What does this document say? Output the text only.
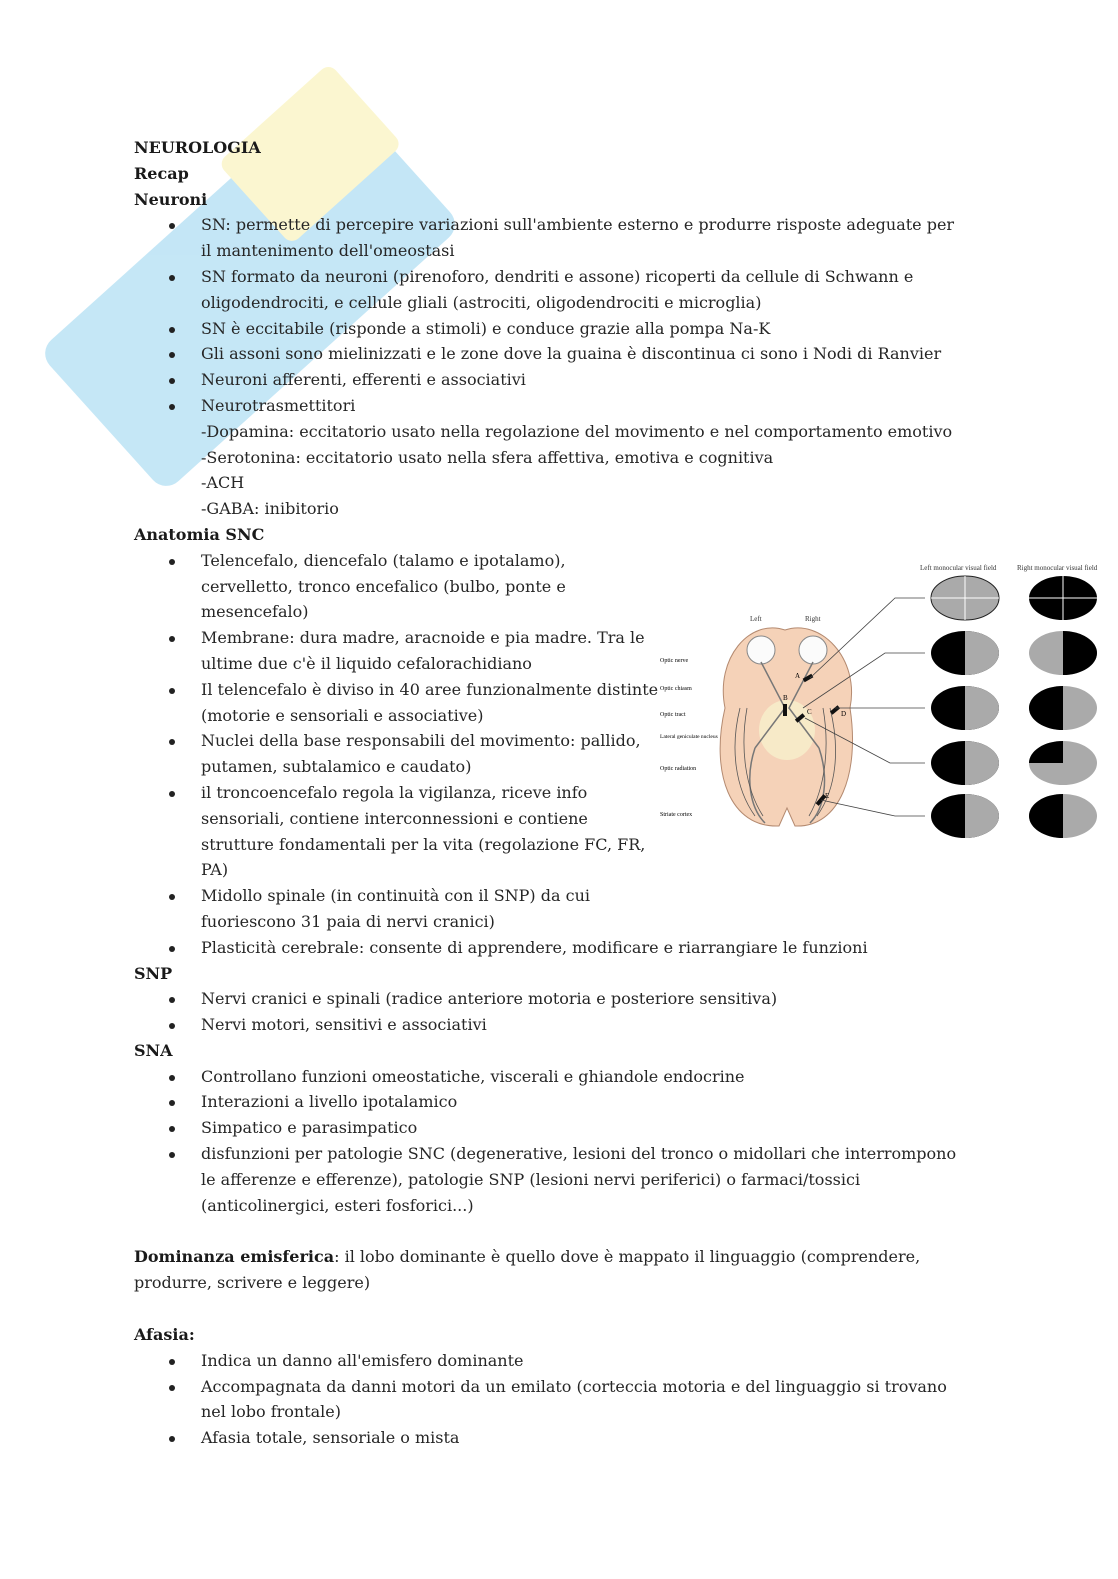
NEUROLOGIA
Recap
Neuroni
SN: permette di percepire variazioni sull'ambiente esterno e produrre risposte adeguate per il mantenimento dell'omeostasi
SN formato da neuroni (pirenoforo, dendriti e assone) ricoperti da cellule di Schwann e oligodendrociti, e cellule gliali (astrociti, oligodendrociti e microglia)
SN è eccitabile (risponde a stimoli) e conduce grazie alla pompa Na-K
Gli assoni sono mielinizzati e le zone dove la guaina è discontinua ci sono i Nodi di Ranvier
Neuroni afferenti, efferenti e associativi
Neurotrasmettitori
-Dopamina: eccitatorio usato nella regolazione del movimento e nel comportamento emotivo
-Serotonina: eccitatorio usato nella sfera affettiva, emotiva e cognitiva
-ACH
-GABA: inibitorio
Anatomia SNC
Telencefalo, diencefalo (talamo e ipotalamo), cervelletto, tronco encefalico (bulbo, ponte e mesencefalo)
Membrane: dura madre, aracnoide e pia madre. Tra le ultime due c'è il liquido cefalorachidiano
Il telencefalo è diviso in 40 aree funzionalmente distinte (motorie e sensoriali e associative)
Nuclei della base responsabili del movimento: pallido, putamen, subtalamico e caudato)
il troncoencefalo regola la vigilanza, riceve info sensoriali, contiene interconnessioni e contiene strutture fondamentali per la vita (regolazione FC, FR, PA)
Midollo spinale (in continuità con il SNP) da cui fuoriescono 31 paia di nervi cranici)
Plasticità cerebrale: consente di apprendere, modificare e riarrangiare le funzioni
SNP
Nervi cranici e spinali (radice anteriore motoria e posteriore sensitiva)
Nervi motori, sensitivi e associativi
SNA
Controllano funzioni omeostatiche, viscerali e ghiandole endocrine
Interazioni a livello ipotalamico
Simpatico e parasimpatico
disfunzioni per patologie SNC (degenerative, lesioni del tronco o midollari che interrompono le afferenze e efferenze), patologie SNP (lesioni nervi periferici) o farmaci/tossici (anticolinergici, esteri fosforici...)
Dominanza emisferica: il lobo dominante è quello dove è mappato il linguaggio (comprendere, produrre, scrivere e leggere)
Afasia:
Indica un danno all'emisfero dominante
Accompagnata da danni motori da un emilato (corteccia motoria e del linguaggio si trovano nel lobo frontale)
Afasia totale, sensoriale o mista
Left monocular visual field	Right monocular visual field
Left	Right
A
B
C	D
E
Optic nerve
Optic chiasm
Optic tract
Lateral geniculate nucleus
Optic radiation
Striate cortex
